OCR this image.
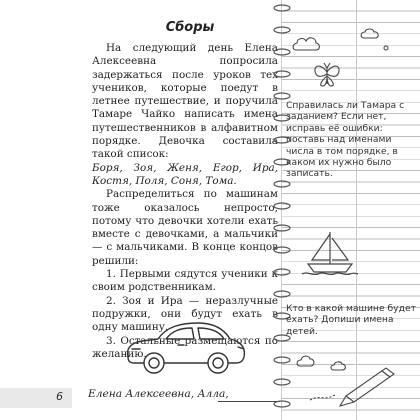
Сборы

На следующий день Елена Алексеевна попросила задержаться после уроков тех учеников, которые поедут в летнее путешествие, и поручила Тамаре Чайко написать имена путешественников в алфавитном порядке. Девочка составила такой список:

Боря, Зоя, Женя, Егор, Ира, Костя, Поля, Соня, Тома.

Распределиться по машинам тоже оказалось непросто, потому что девочки хотели ехать вместе с девочками, а мальчики — с мальчиками. В конце концов решили:

1. Первыми сядутся ученики к своим родственникам.

2. Зоя и Ира — неразлучные подружки, они будут ехать в одну машину.

3. Остальные размещаются по желанию.

6 Елена Алексеевна, Алла,
Справилась ли Тамара с заданием? Если нет, исправь её ошибки: поставь над именами числа в том порядке, в каком их нужно было записать.
Кто в какой машине будет ехать? Допиши имена детей.
